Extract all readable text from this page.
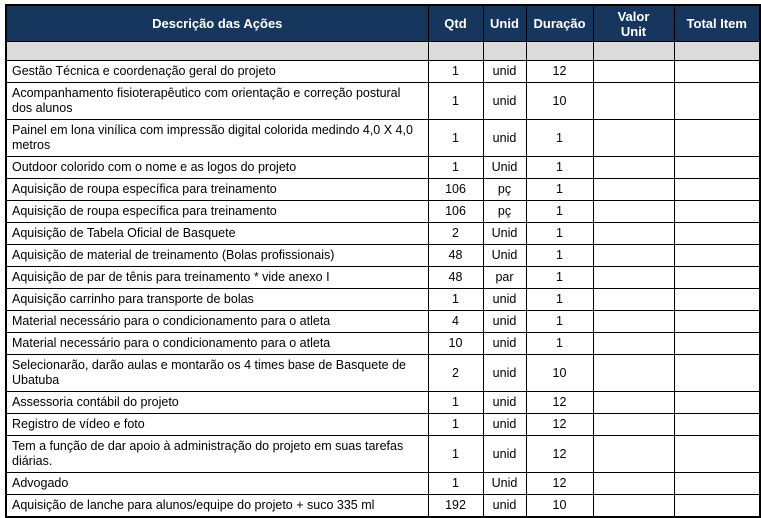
Descrição das Ações	Qtd	Unid	Duração	Valor Unit	Total Item

Gestão Técnica e coordenação geral do projeto	1	unid	12		
Acompanhamento fisioterapêutico com orientação e correção postural dos alunos	1	unid	10		
Painel em lona vinílica com impressão digital colorida medindo 4,0 X 4,0 metros	1	unid	1		
Outdoor colorido com o nome e as logos do projeto	1	Unid	1		
Aquisição de roupa específica para treinamento	106	pç	1		
Aquisição de roupa específica para treinamento	106	pç	1		
Aquisição de Tabela Oficial de Basquete	2	Unid	1		
Aquisição de material de treinamento (Bolas profissionais)	48	Unid	1		
Aquisição de par de tênis para treinamento * vide anexo I	48	par	1		
Aquisição carrinho para transporte de bolas	1	unid	1		
Material necessário para o condicionamento para o atleta	4	unid	1		
Material necessário para o condicionamento para o atleta	10	unid	1		
Selecionarão, darão aulas e montarão os 4 times base de Basquete de Ubatuba	2	unid	10		
Assessoria contábil do projeto	1	unid	12		
Registro de vídeo e foto	1	unid	12		
Tem a função de dar apoio à administração do projeto em suas tarefas diárias.	1	unid	12		
Advogado	1	Unid	12		
Aquisição de lanche para alunos/equipe do projeto + suco 335 ml	192	unid	10		
